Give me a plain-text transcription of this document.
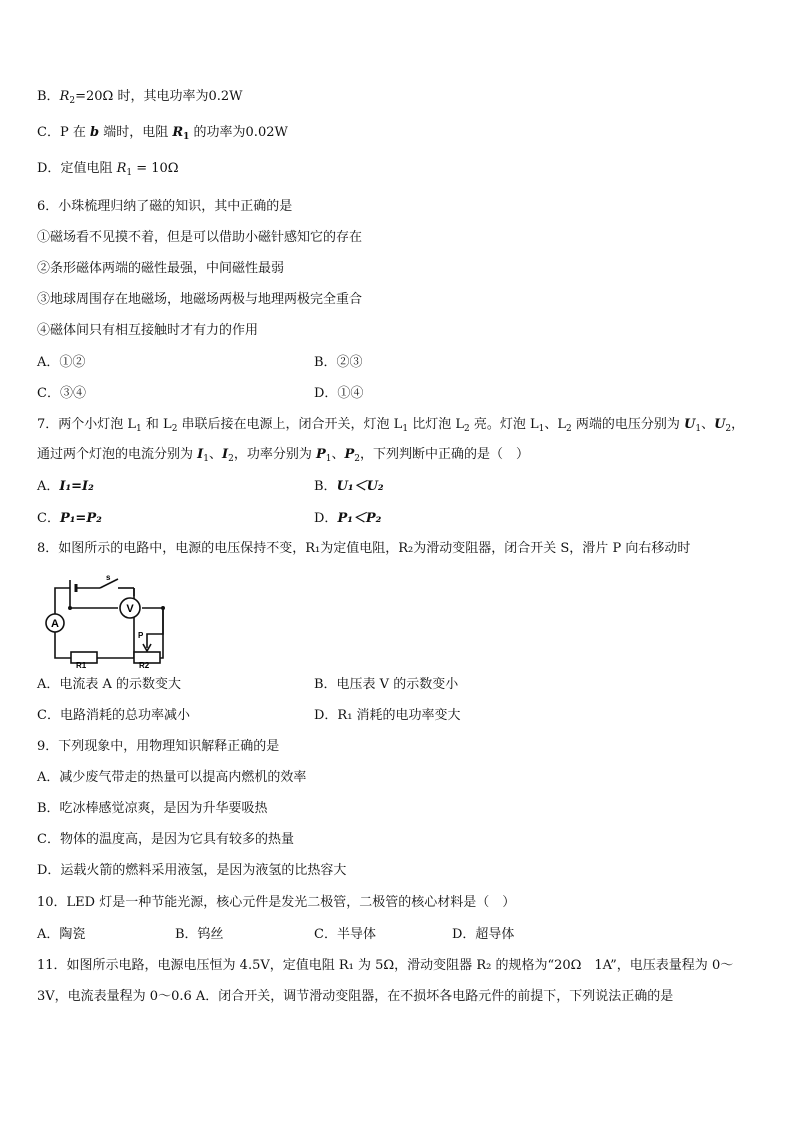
B．$R_2=20\Omega$ 时，其电功率为0.2W
C．P 在 b 端时，电阻 $R_1$ 的功率为0.02W
D．定值电阻 $R_1 = 10\Omega$
6．小珠梳理归纳了磁的知识，其中正确的是
①磁场看不见摸不着，但是可以借助小磁针感知它的存在
②条形磁体两端的磁性最强，中间磁性最弱
③地球周围存在地磁场，地磁场两极与地理两极完全重合
④磁体间只有相互接触时才有力的作用
A．①②	B．②③
C．③④	D．①④
7．两个小灯泡 $L_1$ 和 $L_2$ 串联后接在电源上，闭合开关，灯泡 $L_1$ 比灯泡 $L_2$ 亮。灯泡 $L_1$、$L_2$ 两端的电压分别为 $U_1$、$U_2$，
通过两个灯泡的电流分别为 $I_1$、$I_2$，功率分别为 $P_1$、$P_2$，下列判断中正确的是（　）
A．I₁=I₂	B．U₁＜U₂
C．P₁=P₂	D．P₁＜P₂
8．如图所示的电路中，电源的电压保持不变，R₁为定值电阻，R₂为滑动变阻器，闭合开关 S，滑片 P 向右移动时
A
V
s
P
R1	R2
A．电流表 A 的示数变大	B．电压表 V 的示数变小
C．电路消耗的总功率减小	D．R₁ 消耗的电功率变大
9．下列现象中，用物理知识解释正确的是
A．减少废气带走的热量可以提高内燃机的效率
B．吃冰棒感觉凉爽，是因为升华要吸热
C．物体的温度高，是因为它具有较多的热量
D．运载火箭的燃料采用液氢，是因为液氢的比热容大
10．LED 灯是一种节能光源，核心元件是发光二极管，二极管的核心材料是（　）
A．陶瓷	B．钨丝	C．半导体	D．超导体
11．如图所示电路，电源电压恒为 4.5V，定值电阻 R₁ 为 5Ω，滑动变阻器 R₂ 的规格为“20Ω　1A”，电压表量程为 0～
3V，电流表量程为 0～0.6 A．闭合开关，调节滑动变阻器，在不损坏各电路元件的前提下，下列说法正确的是
